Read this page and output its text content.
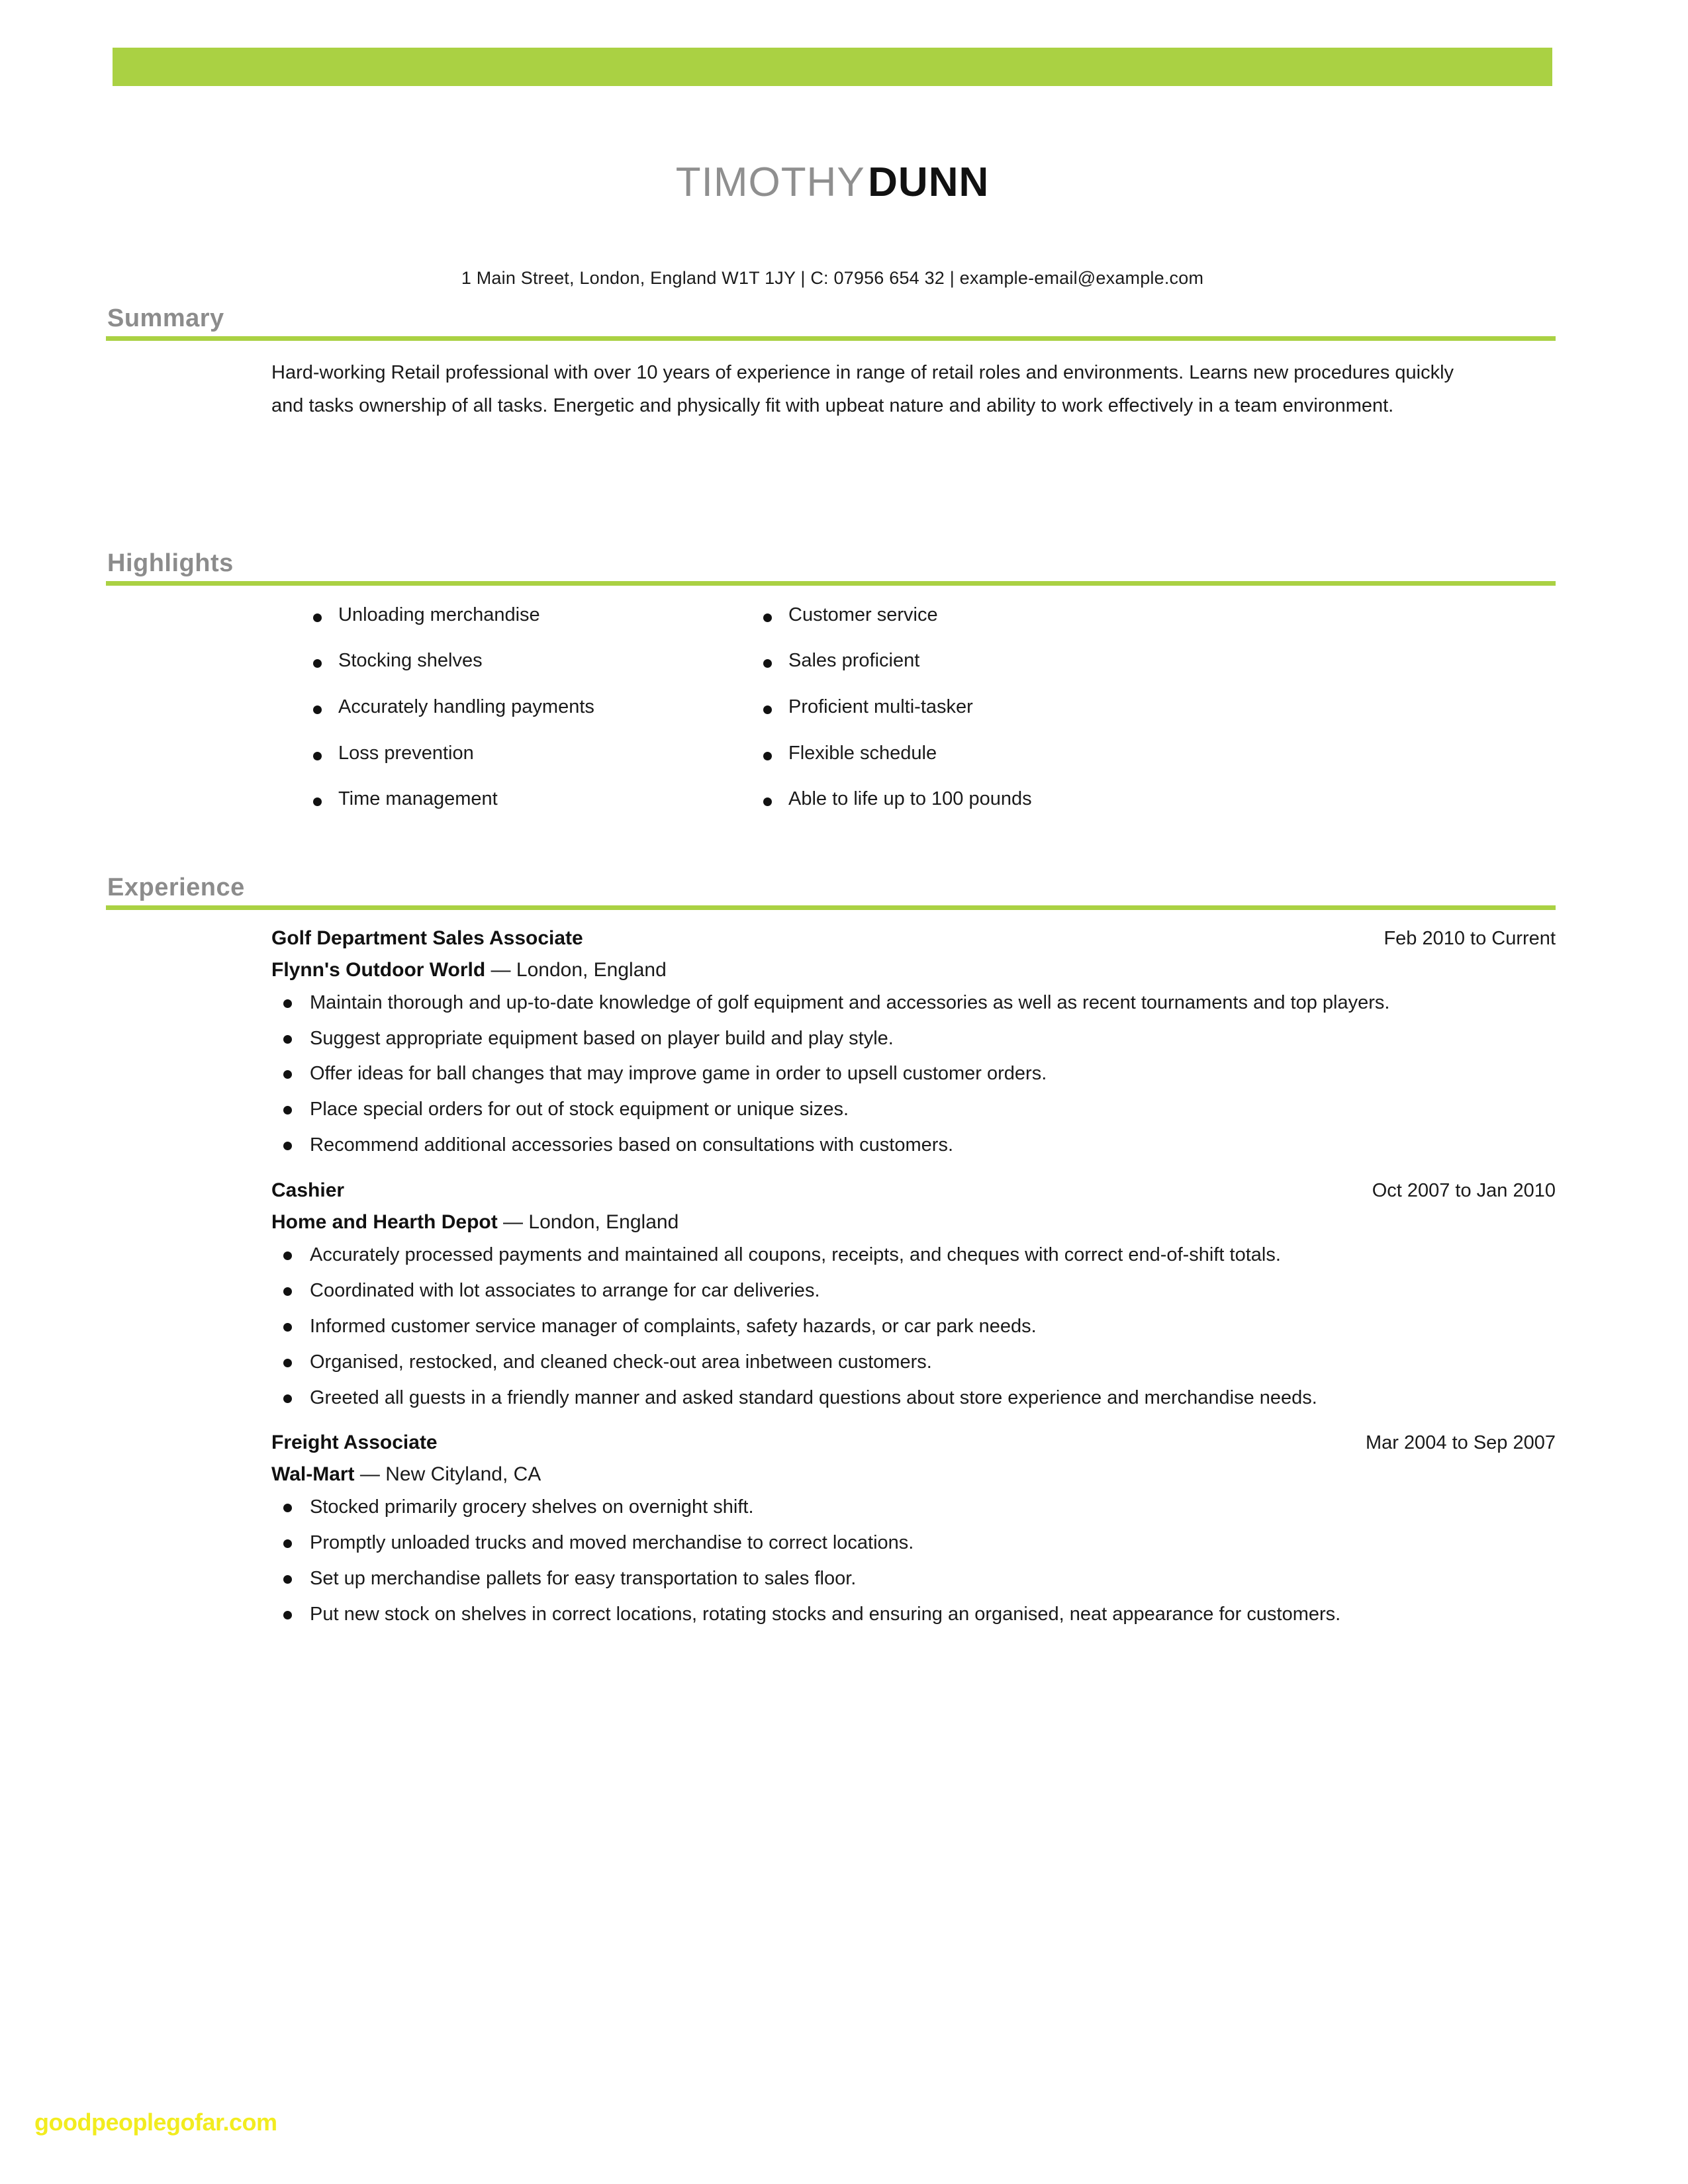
TIMOTHY DUNN
1 Main Street, London, England W1T 1JY | C: 07956 654 32 | example-email@example.com
Summary
Hard-working Retail professional with over 10 years of experience in range of retail roles and environments. Learns new procedures quickly and tasks ownership of all tasks. Energetic and physically fit with upbeat nature and ability to work effectively in a team environment.
Highlights
Unloading merchandise
Stocking shelves
Accurately handling payments
Loss prevention
Time management
Customer service
Sales proficient
Proficient multi-tasker
Flexible schedule
Able to life up to 100 pounds
Experience
Golf Department Sales Associate	Feb 2010 to Current
Flynn's Outdoor World — London, England
Maintain thorough and up-to-date knowledge of golf equipment and accessories as well as recent tournaments and top players.
Suggest appropriate equipment based on player build and play style.
Offer ideas for ball changes that may improve game in order to upsell customer orders.
Place special orders for out of stock equipment or unique sizes.
Recommend additional accessories based on consultations with customers.
Cashier	Oct 2007 to Jan 2010
Home and Hearth Depot — London, England
Accurately processed payments and maintained all coupons, receipts, and cheques with correct end-of-shift totals.
Coordinated with lot associates to arrange for car deliveries.
Informed customer service manager of complaints, safety hazards, or car park needs.
Organised, restocked, and cleaned check-out area inbetween customers.
Greeted all guests in a friendly manner and asked standard questions about store experience and merchandise needs.
Freight Associate	Mar 2004 to Sep 2007
Wal-Mart — New Cityland, CA
Stocked primarily grocery shelves on overnight shift.
Promptly unloaded trucks and moved merchandise to correct locations.
Set up merchandise pallets for easy transportation to sales floor.
Put new stock on shelves in correct locations, rotating stocks and ensuring an organised, neat appearance for customers.
goodpeoplegofar.com
